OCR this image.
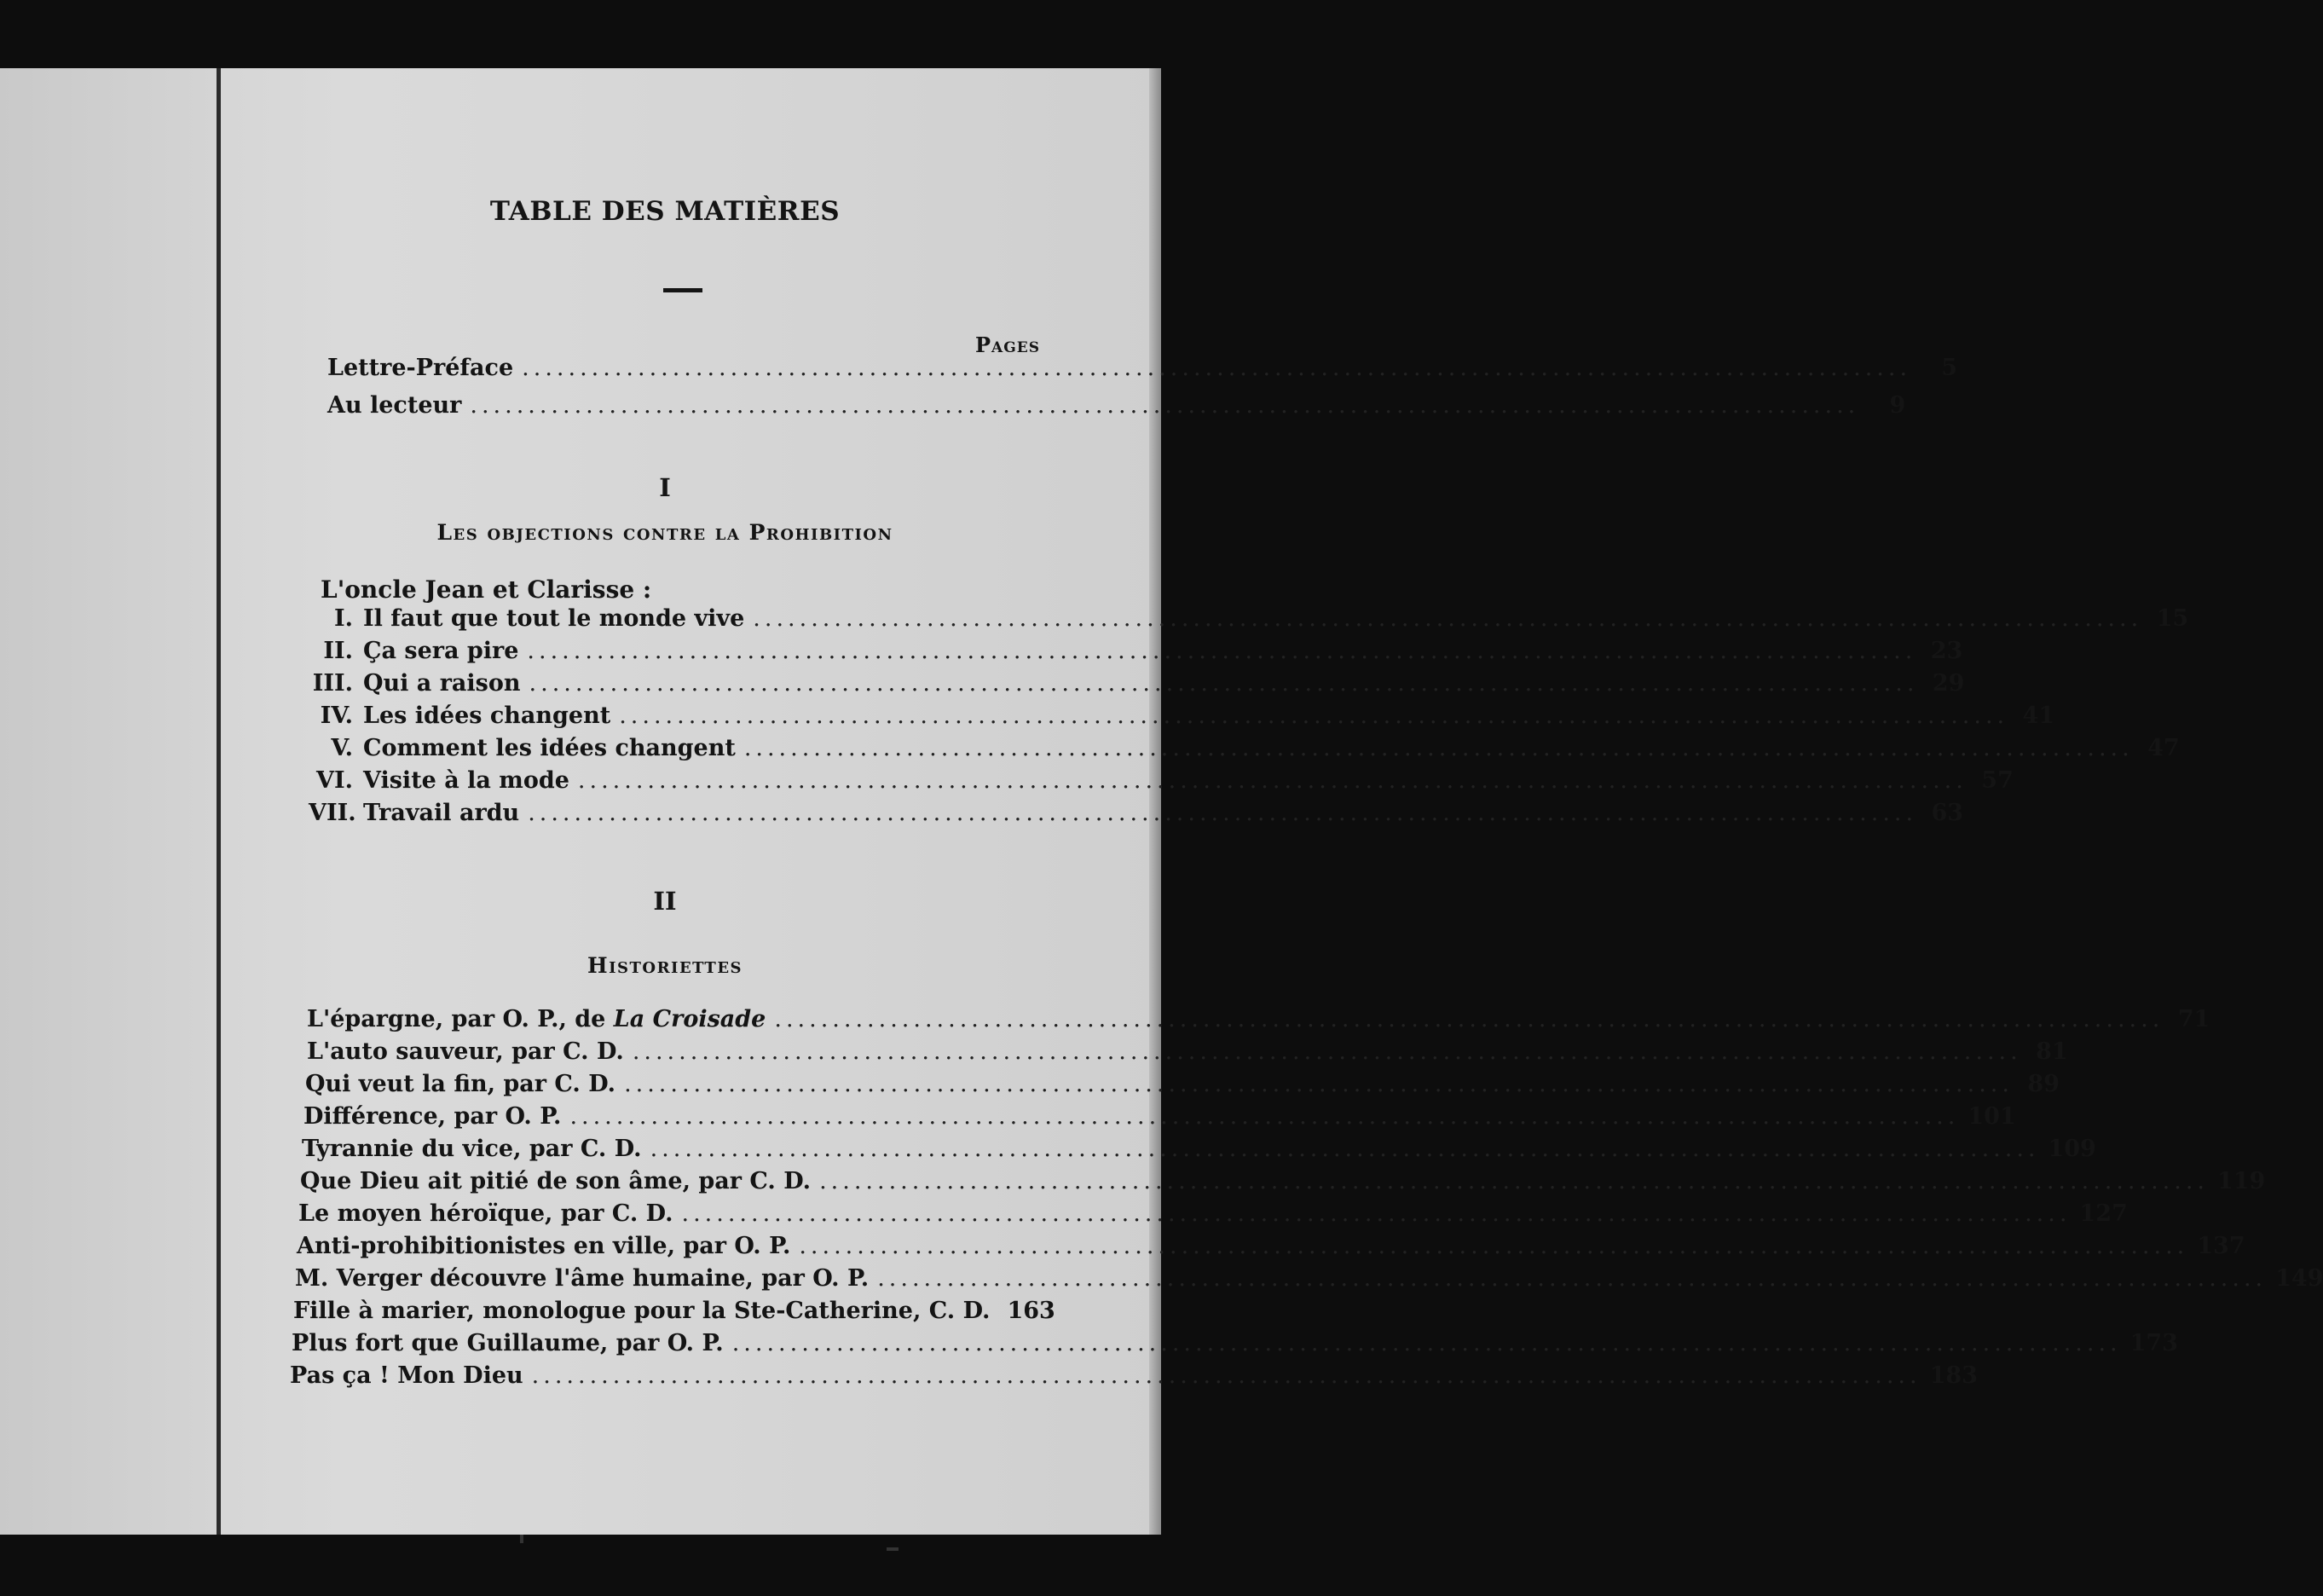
TABLE DES MATIÈRES
Pages
Lettre-Préface ........................................................................................................................	5
Au lecteur ........................................................................................................................	9
I
Les objections contre la Prohibition
L'oncle Jean et Clarisse :
I. Il faut que tout le monde vive ........................................................................................................................ 15
II. Ça sera pire ........................................................................................................................ 23
III. Qui a raison ........................................................................................................................ 29
IV. Les idées changent ........................................................................................................................ 41
V. Comment les idées changent ........................................................................................................................ 47
VI. Visite à la mode ........................................................................................................................ 57
VII. Travail ardu ........................................................................................................................ 63
II
Historiettes
L'épargne, par O. P., de La Croisade ........................................................................................................................ 71
L'auto sauveur, par C. D. ........................................................................................................................ 81
Qui veut la fin, par C. D. ........................................................................................................................ 89
Différence, par O. P. ........................................................................................................................ 101
Tyrannie du vice, par C. D. ........................................................................................................................ 109
Que Dieu ait pitié de son âme, par C. D. ........................................................................................................................ 119
Le moyen héroïque, par C. D. ........................................................................................................................ 127
Anti-prohibitionistes en ville, par O. P. ........................................................................................................................ 137
M. Verger découvre l'âme humaine, par O. P. ........................................................................................................................ 149
Fille à marier, monologue pour la Ste-Catherine, C. D. 163
Plus fort que Guillaume, par O. P. ........................................................................................................................ 173
Pas ça ! Mon Dieu ........................................................................................................................ 183
